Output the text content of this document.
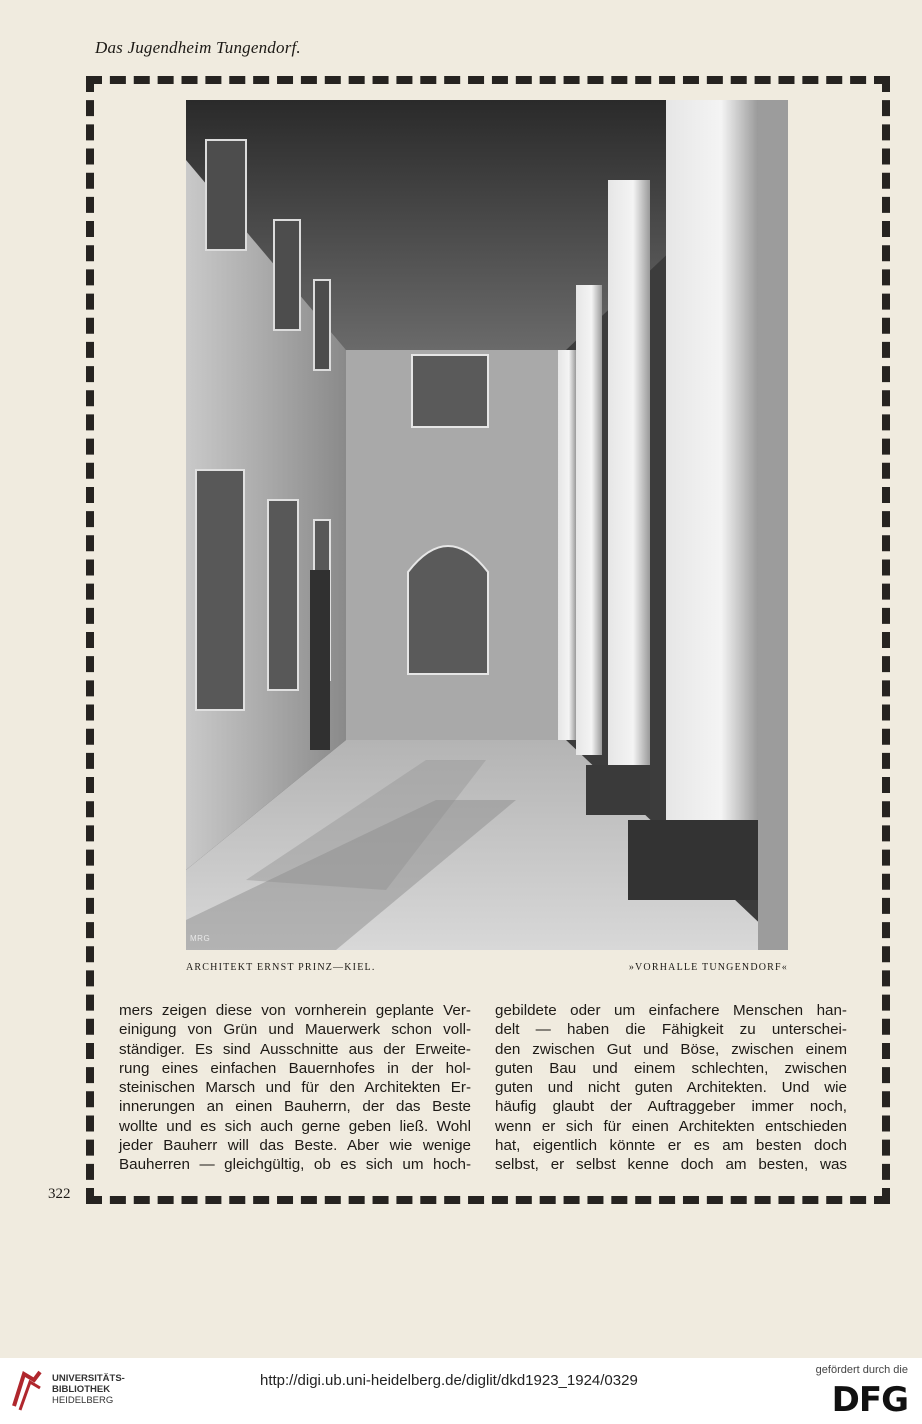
Das Jugendheim Tungendorf.
MRG
ARCHITEKT ERNST PRINZ—KIEL.	»VORHALLE TUNGENDORF«

mers zeigen diese von vornherein geplante Ver-

einigung von Grün und Mauerwerk schon voll-

ständiger. Es sind Ausschnitte aus der Erweite-

rung eines einfachen Bauernhofes in der hol-

steinischen Marsch und für den Architekten Er-

innerungen an einen Bauherrn, der das Beste

wollte und es sich auch gerne geben ließ. Wohl

jeder Bauherr will das Beste. Aber wie wenige

Bauherren — gleichgültig, ob es sich um hoch-

gebildete oder um einfachere Menschen han-

delt — haben die Fähigkeit zu unterschei-

den zwischen Gut und Böse, zwischen einem

guten Bau und einem schlechten, zwischen

guten und nicht guten Architekten. Und wie

häufig glaubt der Auftraggeber immer noch,

wenn er sich für einen Architekten entschieden

hat, eigentlich könnte er es am besten doch

selbst, er selbst kenne doch am besten, was

322
UNIVERSITÄTS-
BIBLIOTHEK
HEIDELBERG
http://digi.ub.uni-heidelberg.de/diglit/dkd1923_1924/0329
gefördert durch die
DFG
